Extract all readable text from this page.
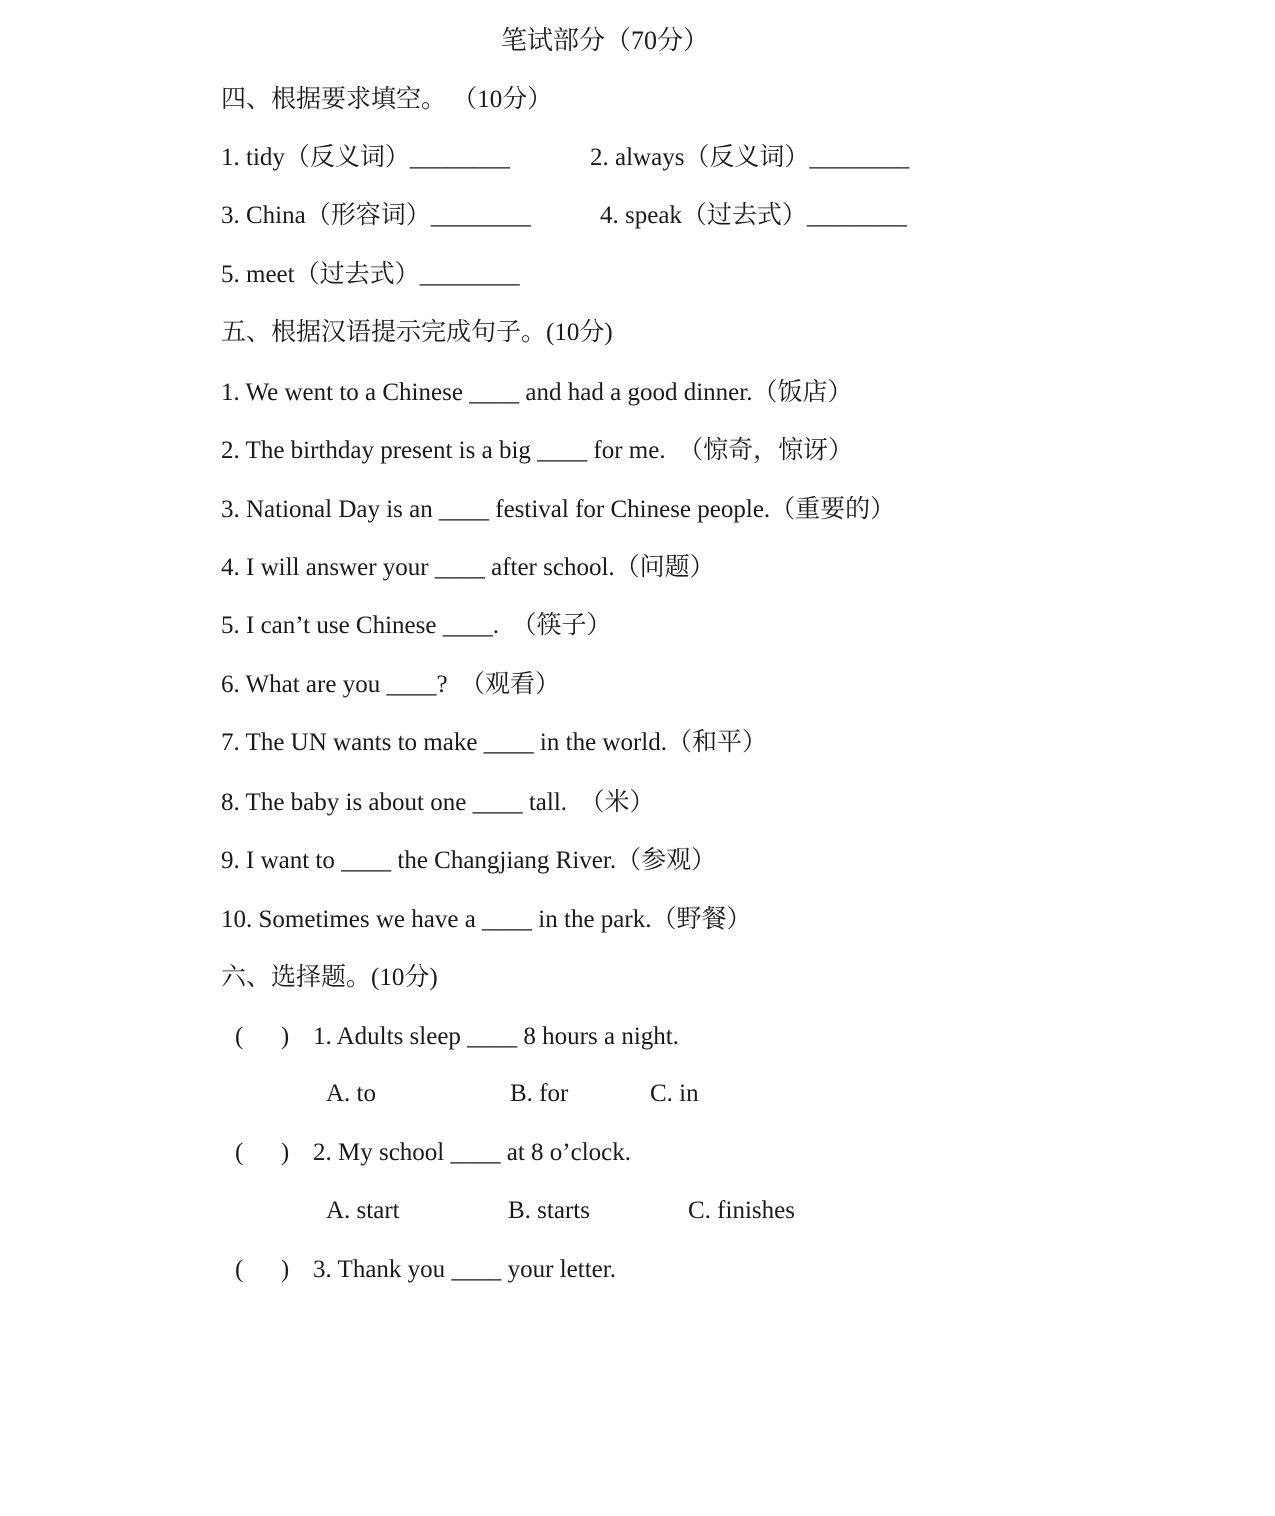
笔试部分（70分）
四、根据要求填空。 （10分）
1. tidy（反义词）________	2. always（反义词）________
3. China（形容词）________	4. speak（过去式）________
5. meet（过去式）________
五、根据汉语提示完成句子。(10分)
1. We went to a Chinese ____ and had a good dinner.（饭店）
2. The birthday present is a big ____ for me.  （惊奇，惊讶）
3. National Day is an ____ festival for Chinese people.（重要的）
4. I will answer your ____ after school.（问题）
5. I can’t use Chinese ____.  （筷子）
6. What are you ____?  （观看）
7. The UN wants to make ____ in the world.（和平）
8. The baby is about one ____ tall.  （米）
9. I want to ____ the Changjiang River.（参观）
10. Sometimes we have a ____ in the park.（野餐）
六、选择题。(10分)
(      ) 1. Adults sleep ____ 8 hours a night.
A. to	B. for	C. in
(      ) 2. My school ____ at 8 o’clock.
A. start	B. starts	C. finishes
(      ) 3. Thank you ____ your letter.
